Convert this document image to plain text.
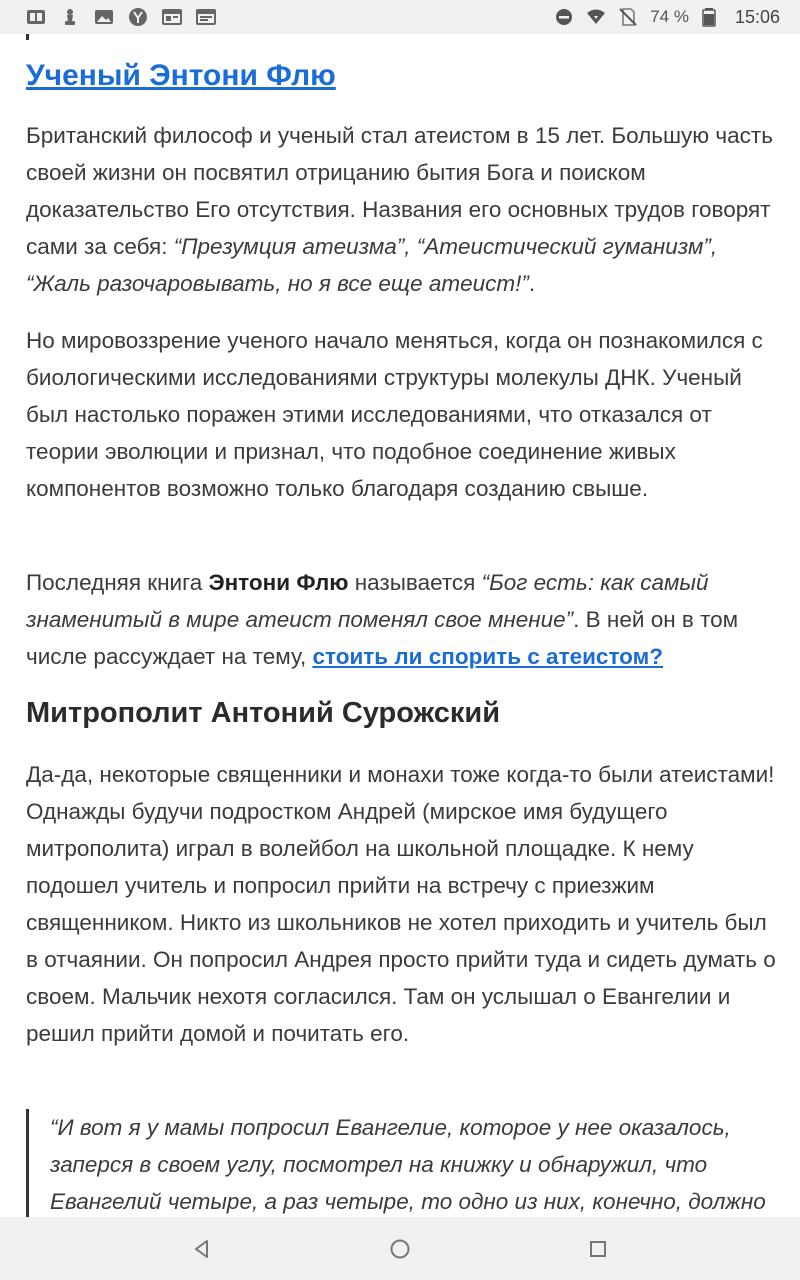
74 %	15:06
Ученый Энтони Флю

Британский философ и ученый стал атеистом в 15 лет. Большую часть своей жизни он посвятил отрицанию бытия Бога и поиском доказательство Его отсутствия. Названия его основных трудов говорят сами за себя: “Презумция атеизма”, “Атеистический гуманизм”, “Жаль разочаровывать, но я все еще атеист!”.

Но мировоззрение ученого начало меняться, когда он познакомился с биологическими исследованиями структуры молекулы ДНК. Ученый был настолько поражен этими исследованиями, что отказался от теории эволюции и признал, что подобное соединение живых компонентов возможно только благодаря созданию свыше.

Последняя книга Энтони Флю называется “Бог есть: как самый знаменитый в мире атеист поменял свое мнение”. В ней он в том числе рассуждает на тему, стоить ли спорить с атеистом?

Митрополит Антоний Сурожский

Да-да, некоторые священники и монахи тоже когда-то были атеистами! Однажды будучи подростком Андрей (мирское имя будущего митрополита) играл в волейбол на школьной площадке. К нему подошел учитель и попросил прийти на встречу с приезжим священником. Никто из школьников не хотел приходить и учитель был в отчаянии. Он попросил Андрея просто прийти туда и сидеть думать о своем. Мальчик нехотя согласился. Там он услышал о Евангелии и решил прийти домой и почитать его.

“И вот я у мамы попросил Евангелие, которое у нее оказалось, заперся в своем углу, посмотрел на книжку и обнаружил, что Евангелий четыре, а раз четыре, то одно из них, конечно, должно
